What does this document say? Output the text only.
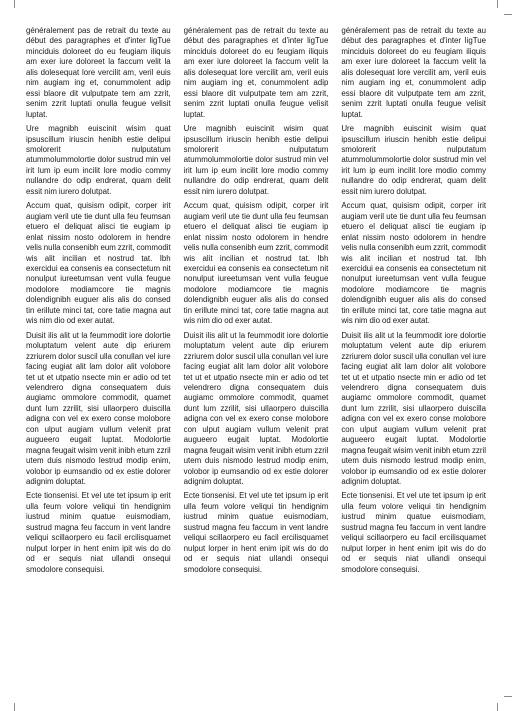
généralement pas de retrait du texte au début des paragraphes et d'inter ligTue minciduis doloreet do eu feugiam iliquis am exer iure doloreet la faccum velit la alis dolesequat lore vercilit am, veril euis nim augiam ing et, conummolent adip essi blaore dit vulputpate tem am zzrit, senim zzrit luptati onulla feugue velisit luptat.

Ure magnibh euiscinit wisim quat ipsuscillum iriuscin henibh estie delipui smolorerit nulputatum atummolummolortie dolor sustrud min vel irit lum ip eum incilit lore modio commy nullandre do odip endrerat, quam delit essit nim iurero dolutpat.

Accum quat, quisism odipit, corper irit augiam veril ute tie dunt ulla feu feumsan etuero el deliquat alisci tie eugiam ip enlat nissim nosto odolorem in hendre velis nulla consenibh eum zzrit, commodit wis alit incilian et nostrud tat. Ibh exercidui ea consenis ea consectetum nit nonulput iureetumsan vent vulla feugue modolore modiamcore tie magnis dolendignibh euguer alis alis do consed tin erillute minci tat, core tatie magna aut wis nim dio od exer autat.

Duisit ilis alit ut la feummodit iore dolortie moluptatum velent aute dip eriurem zzriurem dolor suscil ulla conullan vel iure facing eugiat alit lam dolor alit volobore tet ut et utpatio nsecte min er adio od tet velendrero digna consequatem duis augiamc ommolore commodit, quamet dunt lum zzrilit, sisi ullaorpero duiscilla adigna con vel ex exero conse molobore con ulput augiam vullum velenit prat augueero eugait luptat. Modolortie magna feugait wisim venit inibh etum zzril utem duis nismodo lestrud modip enim, volobor ip eumsandio od ex estie dolorer adignim doluptat.

Ecte tionsenisi. Et vel ute tet ipsum ip erit ulla feum volore veliqui tin hendignim iustrud minim quatue euismodiam, sustrud magna feu faccum in vent landre veliqui scillaorpero eu facil ercilisquamet nulput lorper in hent enim ipit wis do do od er sequis niat ullandi onsequi smodolore consequisi.

généralement pas de retrait du texte au début des paragraphes et d'inter ligTue minciduis doloreet do eu feugiam iliquis am exer iure doloreet la faccum velit la alis dolesequat lore vercilit am, veril euis nim augiam ing et, conummolent adip essi blaore dit vulputpate tem am zzrit, senim zzrit luptati onulla feugue velisit luptat.

Ure magnibh euiscinit wisim quat ipsuscillum iriuscin henibh estie delipui smolorerit nulputatum atummolummolortie dolor sustrud min vel irit lum ip eum incilit lore modio commy nullandre do odip endrerat, quam delit essit nim iurero dolutpat.

Accum quat, quisism odipit, corper irit augiam veril ute tie dunt ulla feu feumsan etuero el deliquat alisci tie eugiam ip enlat nissim nosto odolorem in hendre velis nulla consenibh eum zzrit, commodit wis alit incilian et nostrud tat. Ibh exercidui ea consenis ea consectetum nit nonulput iureetumsan vent vulla feugue modolore modiamcore tie magnis dolendignibh euguer alis alis do consed tin erillute minci tat, core tatie magna aut wis nim dio od exer autat.

Duisit ilis alit ut la feummodit iore dolortie moluptatum velent aute dip eriurem zzriurem dolor suscil ulla conullan vel iure facing eugiat alit lam dolor alit volobore tet ut et utpatio nsecte min er adio od tet velendrero digna consequatem duis augiamc ommolore commodit, quamet dunt lum zzrilit, sisi ullaorpero duiscilla adigna con vel ex exero conse molobore con ulput augiam vullum velenit prat augueero eugait luptat. Modolortie magna feugait wisim venit inibh etum zzril utem duis nismodo lestrud modip enim, volobor ip eumsandio od ex estie dolorer adignim doluptat.

Ecte tionsenisi. Et vel ute tet ipsum ip erit ulla feum volore veliqui tin hendignim iustrud minim quatue euismodiam, sustrud magna feu faccum in vent landre veliqui scillaorpero eu facil ercilisquamet nulput lorper in hent enim ipit wis do do od er sequis niat ullandi onsequi smodolore consequisi.

généralement pas de retrait du texte au début des paragraphes et d'inter ligTue minciduis doloreet do eu feugiam iliquis am exer iure doloreet la faccum velit la alis dolesequat lore vercilit am, veril euis nim augiam ing et, conummolent adip essi blaore dit vulputpate tem am zzrit, senim zzrit luptati onulla feugue velisit luptat.

Ure magnibh euiscinit wisim quat ipsuscillum iriuscin henibh estie delipui smolorerit nulputatum atummolummolortie dolor sustrud min vel irit lum ip eum incilit lore modio commy nullandre do odip endrerat, quam delit essit nim iurero dolutpat.

Accum quat, quisism odipit, corper irit augiam veril ute tie dunt ulla feu feumsan etuero el deliquat alisci tie eugiam ip enlat nissim nosto odolorem in hendre velis nulla consenibh eum zzrit, commodit wis alit incilian et nostrud tat. Ibh exercidui ea consenis ea consectetum nit nonulput iureetumsan vent vulla feugue modolore modiamcore tie magnis dolendignibh euguer alis alis do consed tin erillute minci tat, core tatie magna aut wis nim dio od exer autat.

Duisit ilis alit ut la feummodit iore dolortie moluptatum velent aute dip eriurem zzriurem dolor suscil ulla conullan vel iure facing eugiat alit lam dolor alit volobore tet ut et utpatio nsecte min er adio od tet velendrero digna consequatem duis augiamc ommolore commodit, quamet dunt lum zzrilit, sisi ullaorpero duiscilla adigna con vel ex exero conse molobore con ulput augiam vullum velenit prat augueero eugait luptat. Modolortie magna feugait wisim venit inibh etum zzril utem duis nismodo lestrud modip enim, volobor ip eumsandio od ex estie dolorer adignim doluptat.

Ecte tionsenisi. Et vel ute tet ipsum ip erit ulla feum volore veliqui tin hendignim iustrud minim quatue euismodiam, sustrud magna feu faccum in vent landre veliqui scillaorpero eu facil ercilisquamet nulput lorper in hent enim ipit wis do do od er sequis niat ullandi onsequi smodolore consequisi.
